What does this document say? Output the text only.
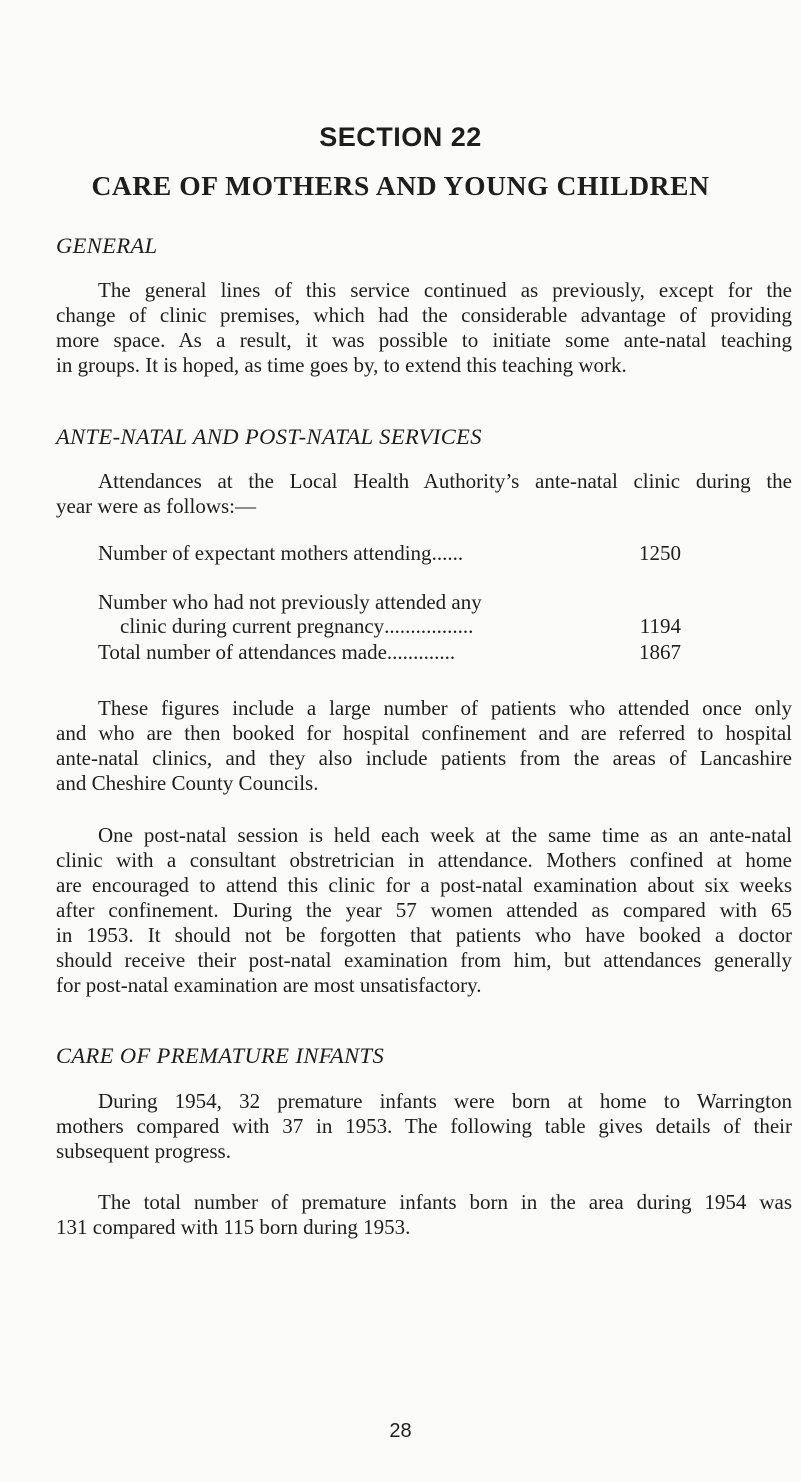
SECTION 22
CARE OF MOTHERS AND YOUNG CHILDREN
GENERAL
The general lines of this service continued as previously, except for the
change of clinic premises, which had the considerable advantage of providing
more space. As a result, it was possible to initiate some ante-natal teaching
in groups. It is hoped, as time goes by, to extend this teaching work.
ANTE-NATAL AND POST-NATAL SERVICES
Attendances at the Local Health Authority’s ante-natal clinic during the
year were as follows:—
Number of expectant mothers attending ......	1250
Number who had not previously attended any
clinic during current pregnancy .................	1194
Total number of attendances made .............	1867
These figures include a large number of patients who attended once only
and who are then booked for hospital confinement and are referred to hospital
ante-natal clinics, and they also include patients from the areas of Lancashire
and Cheshire County Councils.
One post-natal session is held each week at the same time as an ante-natal
clinic with a consultant obstretrician in attendance. Mothers confined at home
are encouraged to attend this clinic for a post-natal examination about six weeks
after confinement. During the year 57 women attended as compared with 65
in 1953. It should not be forgotten that patients who have booked a doctor
should receive their post-natal examination from him, but attendances generally
for post-natal examination are most unsatisfactory.
CARE OF PREMATURE INFANTS
During 1954, 32 premature infants were born at home to Warrington
mothers compared with 37 in 1953. The following table gives details of their
subsequent progress.
The total number of premature infants born in the area during 1954 was
131 compared with 115 born during 1953.
28
